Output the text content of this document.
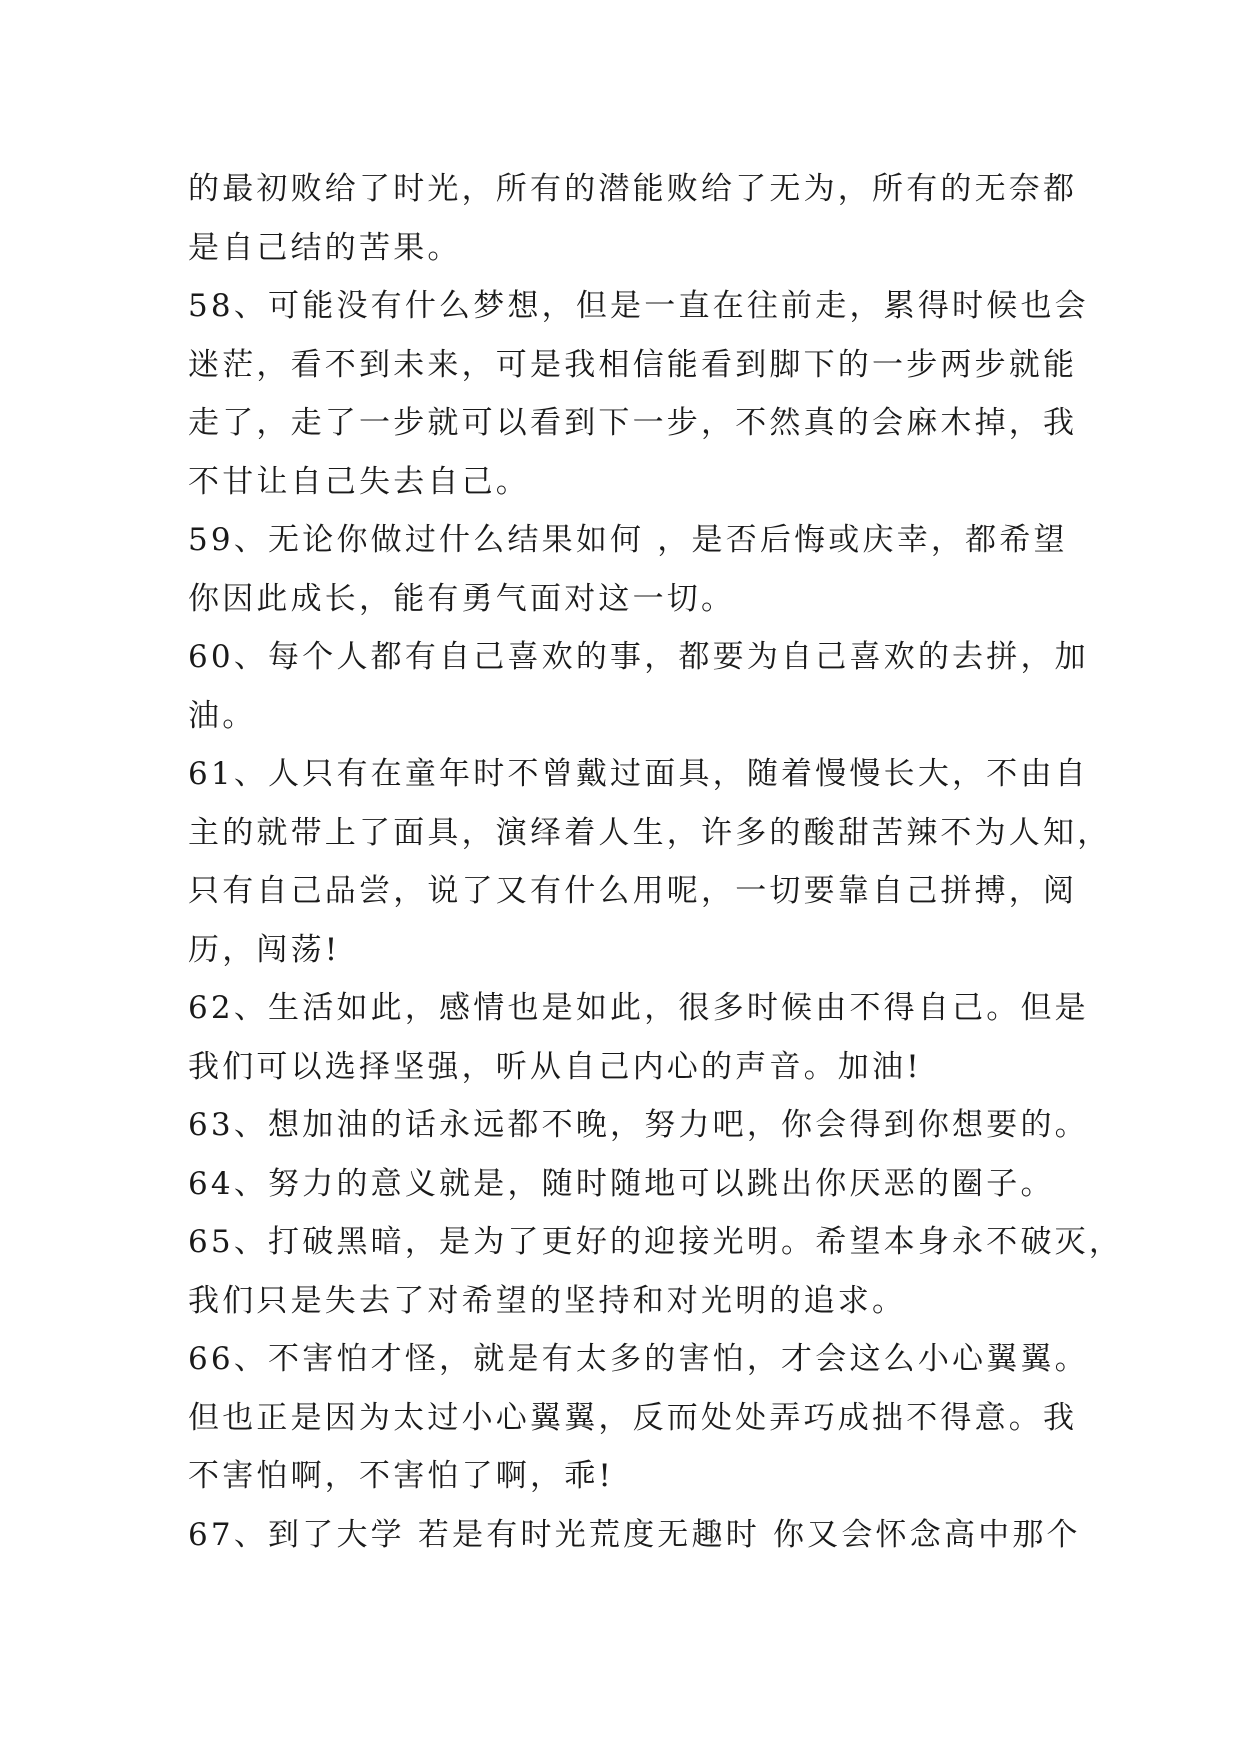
的最初败给了时光，所有的潜能败给了无为，所有的无奈都
是自己结的苦果。
58、可能没有什么梦想，但是一直在往前走，累得时候也会
迷茫，看不到未来，可是我相信能看到脚下的一步两步就能
走了，走了一步就可以看到下一步，不然真的会麻木掉，我
不甘让自己失去自己。
59、无论你做过什么结果如何 ，是否后悔或庆幸，都希望
你因此成长，能有勇气面对这一切。
60、每个人都有自己喜欢的事，都要为自己喜欢的去拼，加
油。
61、人只有在童年时不曾戴过面具，随着慢慢长大，不由自
主的就带上了面具，演绎着人生，许多的酸甜苦辣不为人知，
只有自己品尝，说了又有什么用呢，一切要靠自己拼搏，阅
历，闯荡!
62、生活如此，感情也是如此，很多时候由不得自己。但是
我们可以选择坚强，听从自己内心的声音。加油!
63、想加油的话永远都不晚，努力吧，你会得到你想要的。
64、努力的意义就是，随时随地可以跳出你厌恶的圈子。
65、打破黑暗，是为了更好的迎接光明。希望本身永不破灭，
我们只是失去了对希望的坚持和对光明的追求。
66、不害怕才怪，就是有太多的害怕，才会这么小心翼翼。
但也正是因为太过小心翼翼，反而处处弄巧成拙不得意。我
不害怕啊，不害怕了啊，乖!
67、到了大学 若是有时光荒度无趣时 你又会怀念高中那个
